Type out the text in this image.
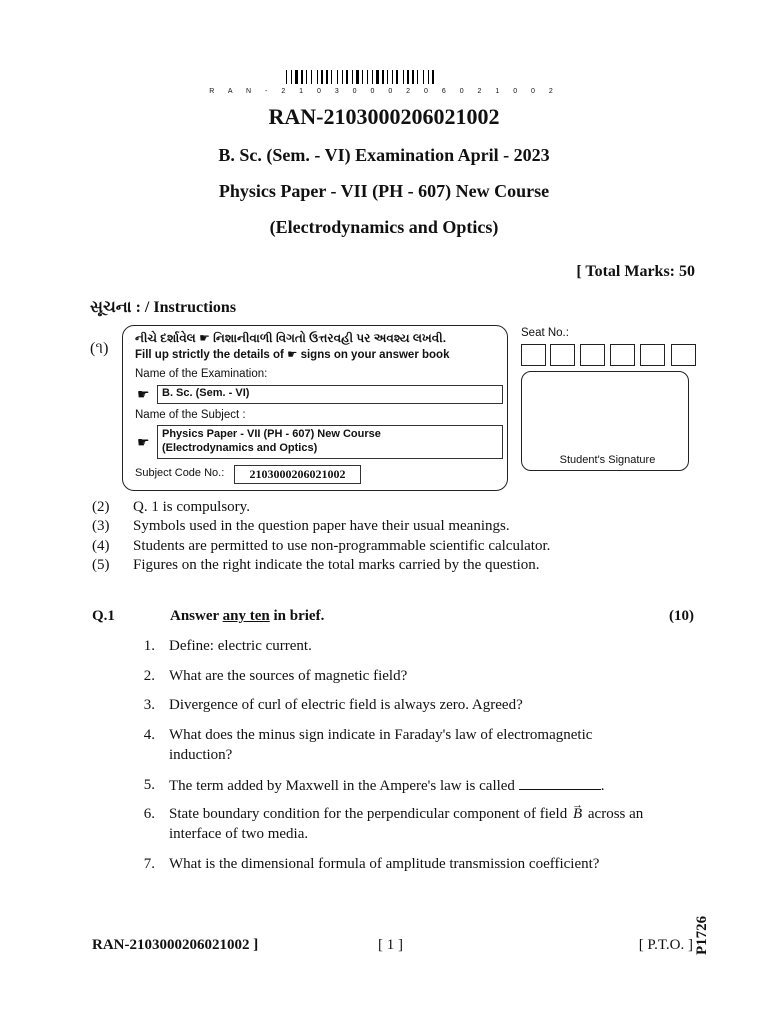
R A N - 2 1 0 3 0 0 0 2 0 6 0 2 1 0 0 2
RAN-2103000206021002
B. Sc. (Sem. - VI) Examination April - 2023
Physics Paper - VII (PH - 607) New Course
(Electrodynamics and Optics)
[ Total Marks: 50
સૂચના : / Instructions
(૧)
નીચે દર્શાવેલ ☛ નિશાનીવાળી વિગતો ઉત્તરવહી પર અવશ્ય લખવી.
Fill up strictly the details of ☛ signs on your answer book
Name of the Examination:
☛	B. Sc. (Sem. - VI)
Name of the Subject :
☛ Physics Paper - VII (PH - 607) New Course
(Electrodynamics and Optics)
Subject Code No.:	2103000206021002
Seat No.:
Student's Signature
(2) Q. 1 is compulsory.
(3) Symbols used in the question paper have their usual meanings.
(4) Students are permitted to use non-programmable scientific calculator.
(5) Figures on the right indicate the total marks carried by the question.
Q.1	Answer any ten in brief.	(10)
1. Define: electric current.
2. What are the sources of magnetic field?
3. Divergence of curl of electric field is always zero. Agreed?
4. What does the minus sign indicate in Faraday's law of electromagnetic induction?
5. The term added by Maxwell in the Ampere's law is called	.
6. State boundary condition for the perpendicular component of field → B across an interface of two media.
7. What is the dimensional formula of amplitude transmission coefficient?
RAN-2103000206021002 ]	[ 1 ]	[ P.T.O. ] P1726
